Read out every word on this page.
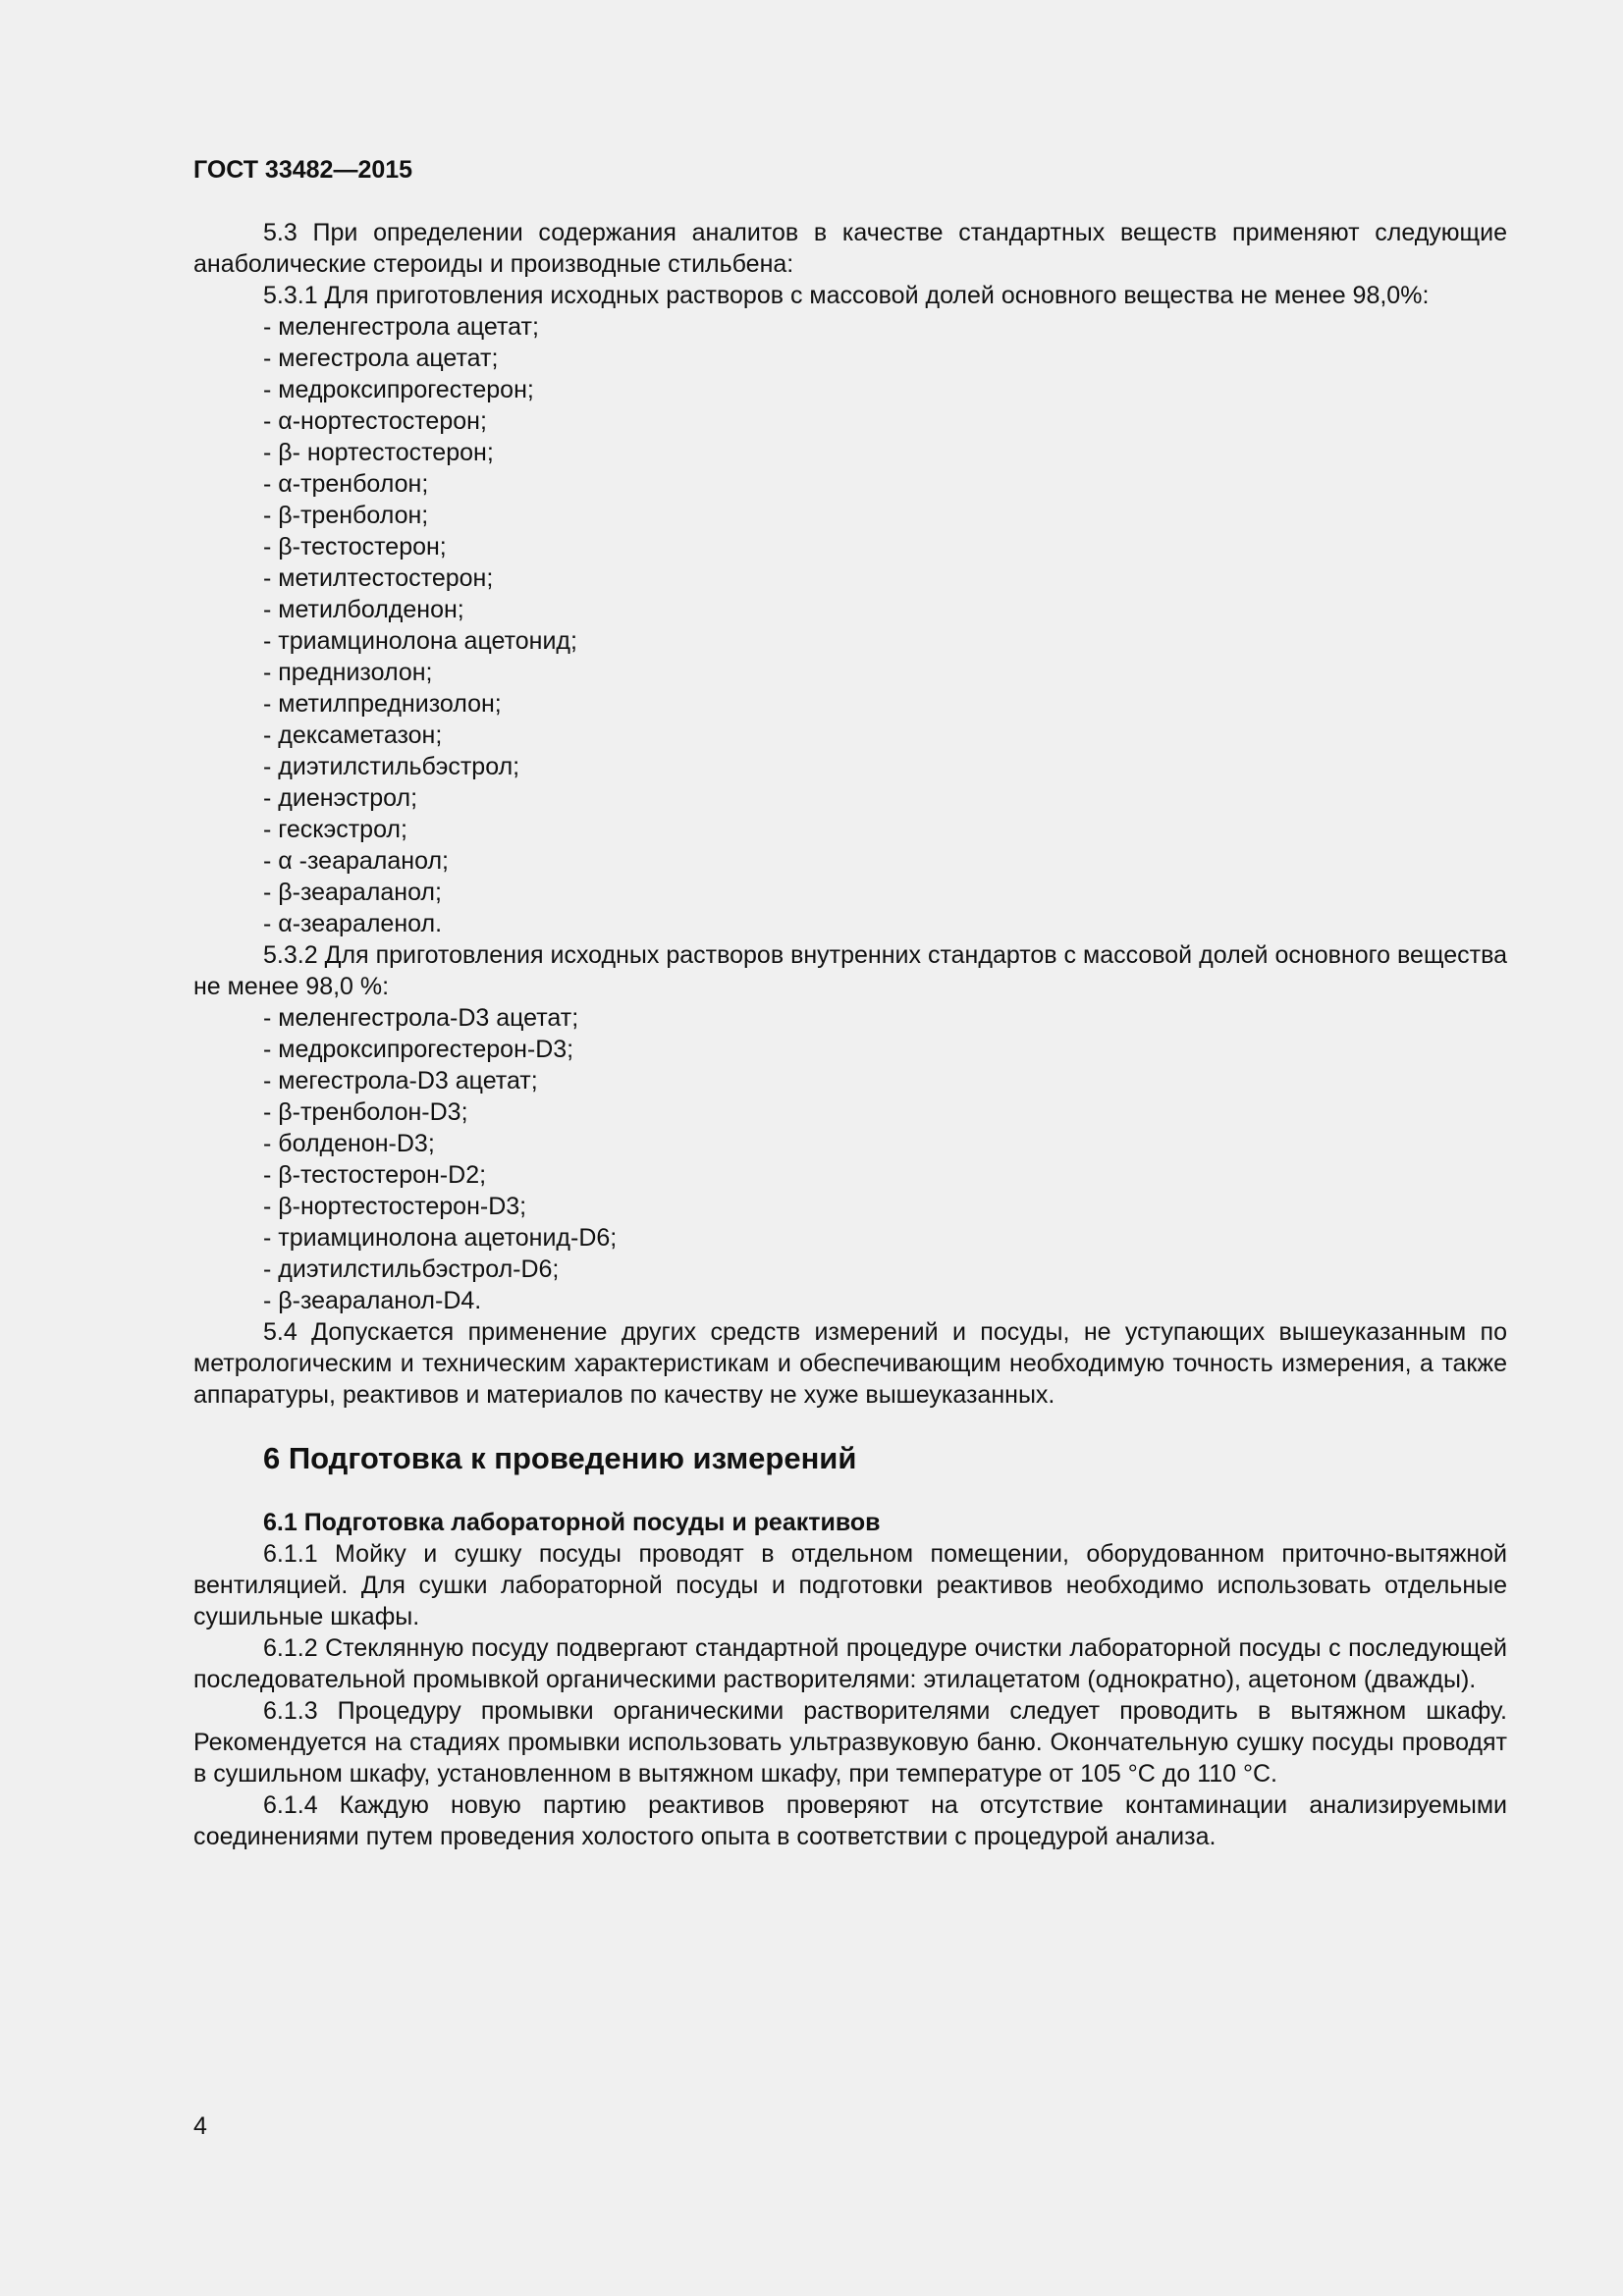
ГОСТ 33482—2015

5.3 При определении содержания аналитов в качестве стандартных веществ применяют следующие анаболические стероиды и производные стильбена:

5.3.1 Для приготовления исходных растворов с массовой долей основного вещества не менее 98,0%:

- меленгестрола ацетат;

- мегестрола ацетат;

- медроксипрогестерон;

- α-нортестостерон;

- β- нортестостерон;

- α-тренболон;

- β-тренболон;

- β-тестостерон;

- метилтестостерон;

- метилболденон;

- триамцинолона ацетонид;

- преднизолон;

- метилпреднизолон;

- дексаметазон;

- диэтилстильбэстрол;

- диенэстрол;

- гескэстрол;

- α -зеараланол;

- β-зеараланол;

- α-зеараленол.

5.3.2 Для приготовления исходных растворов внутренних стандартов с массовой долей основного вещества не менее 98,0 %:

- меленгестрола-D3 ацетат;

- медроксипрогестерон-D3;

- мегестрола-D3 ацетат;

- β-тренболон-D3;

- болденон-D3;

- β-тестостерон-D2;

- β-нортестостерон-D3;

- триамцинолона ацетонид-D6;

- диэтилстильбэстрол-D6;

- β-зеараланол-D4.

5.4 Допускается применение других средств измерений и посуды, не уступающих вышеуказанным по метрологическим и техническим характеристикам и обеспечивающим необходимую точность измерения, а также аппаратуры, реактивов и материалов по качеству не хуже вышеуказанных.

6 Подготовка к проведению измерений

6.1 Подготовка лабораторной посуды и реактивов

6.1.1 Мойку и сушку посуды проводят в отдельном помещении, оборудованном приточно-вытяжной вентиляцией. Для сушки лабораторной посуды и подготовки реактивов необходимо использовать отдельные сушильные шкафы.

6.1.2 Стеклянную посуду подвергают стандартной процедуре очистки лабораторной посуды с последующей последовательной промывкой органическими растворителями: этилацетатом (однократно), ацетоном (дважды).

6.1.3 Процедуру промывки органическими растворителями следует проводить в вытяжном шкафу. Рекомендуется на стадиях промывки использовать ультразвуковую баню. Окончательную сушку посуды проводят в сушильном шкафу, установленном в вытяжном шкафу, при температуре от 105 °С до 110 °С.

6.1.4 Каждую новую партию реактивов проверяют на отсутствие контаминации анализируемыми соединениями путем проведения холостого опыта в соответствии с процедурой анализа.

4
